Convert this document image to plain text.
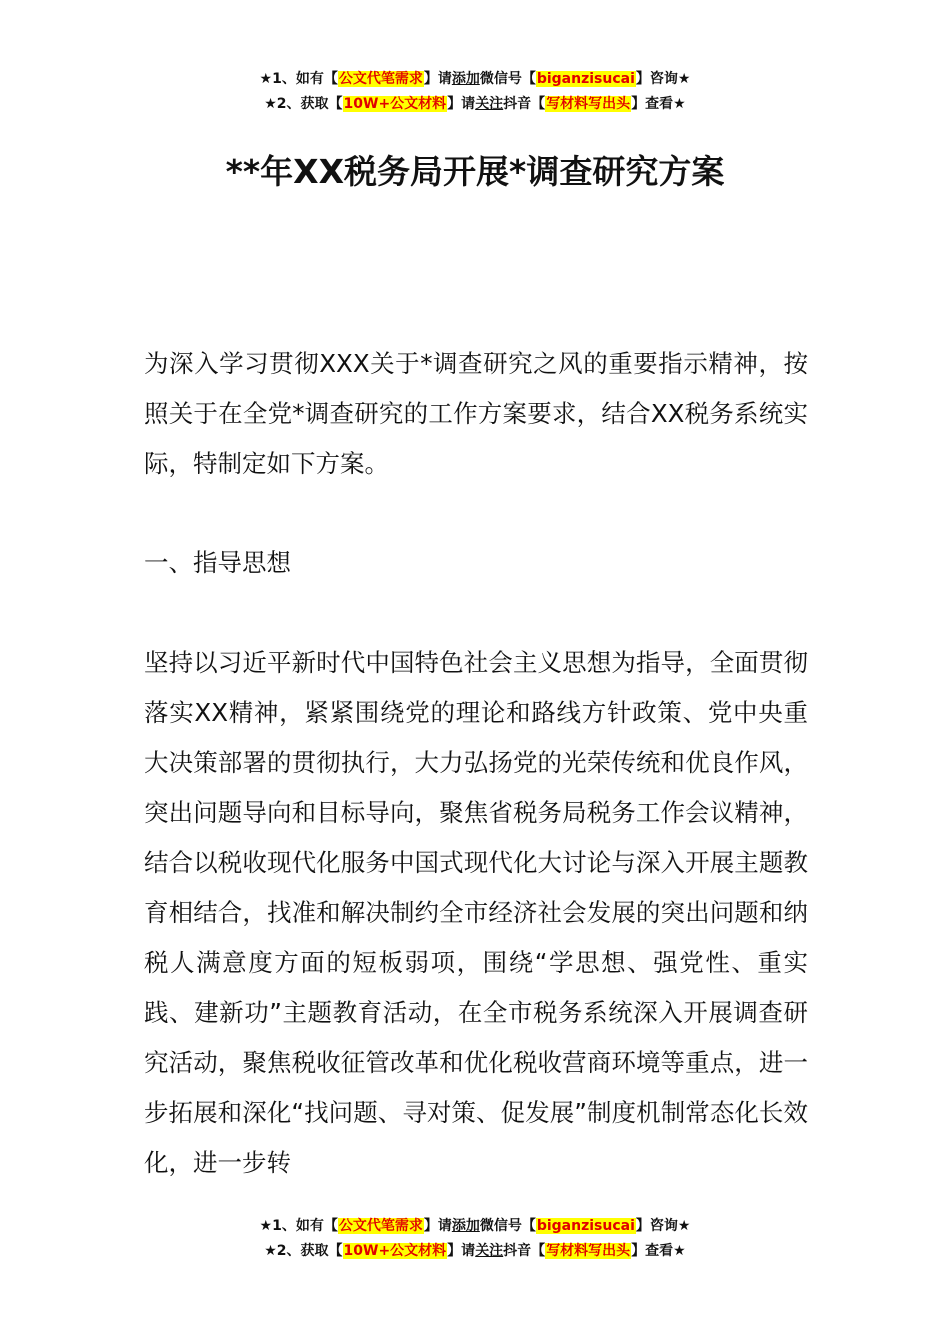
★1、如有【公文代笔需求】请添加微信号【biganzisucai】咨询★
★2、获取【10W+公文材料】请关注抖音【写材料写出头】查看★
**年XX税务局开展*调查研究方案
为深入学习贯彻XXX关于*调查研究之风的重要指示精神，按照关于在全党*调查研究的工作方案要求，结合XX税务系统实际，特制定如下方案。
一、指导思想
坚持以习近平新时代中国特色社会主义思想为指导，全面贯彻落实XX精神，紧紧围绕党的理论和路线方针政策、党中央重大决策部署的贯彻执行，大力弘扬党的光荣传统和优良作风，突出问题导向和目标导向，聚焦省税务局税务工作会议精神，结合以税收现代化服务中国式现代化大讨论与深入开展主题教育相结合，找准和解决制约全市经济社会发展的突出问题和纳税人满意度方面的短板弱项，围绕“学思想、强党性、重实践、建新功”主题教育活动，在全市税务系统深入开展调查研究活动，聚焦税收征管改革和优化税收营商环境等重点，进一步拓展和深化“找问题、寻对策、促发展”制度机制常态化长效化，进一步转
★1、如有【公文代笔需求】请添加微信号【biganzisucai】咨询★
★2、获取【10W+公文材料】请关注抖音【写材料写出头】查看★
